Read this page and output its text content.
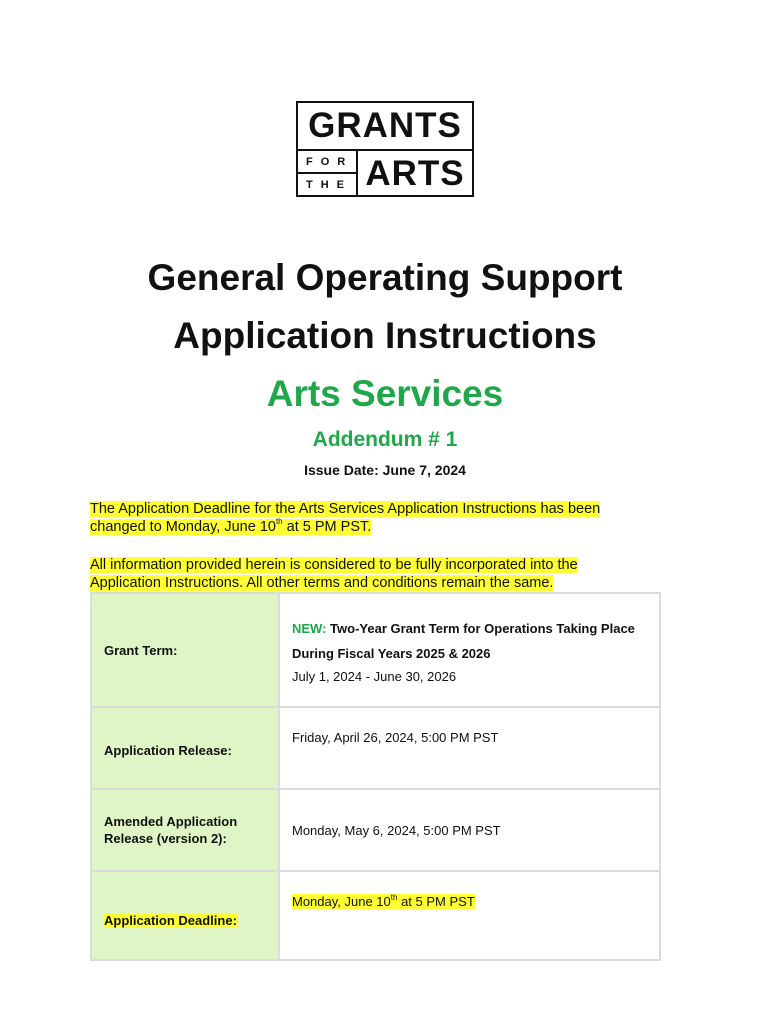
GRANTS
FOR
THE ARTS
General Operating Support
Application Instructions
Arts Services
Addendum # 1
Issue Date: June 7, 2024
The Application Deadline for the Arts Services Application Instructions has been changed to Monday, June 10th at 5 PM PST.
All information provided herein is considered to be fully incorporated into the Application Instructions. All other terms and conditions remain the same.
Grant Term:	NEW: Two-Year Grant Term for Operations Taking Place During Fiscal Years 2025 & 2026
July 1, 2024 - June 30, 2026

Application Release:	Friday, April 26, 2024, 5:00 PM PST
Amended Application Release (version 2):	Monday, May 6, 2024, 5:00 PM PST
Application Deadline:	Monday, June 10th at 5 PM PST
